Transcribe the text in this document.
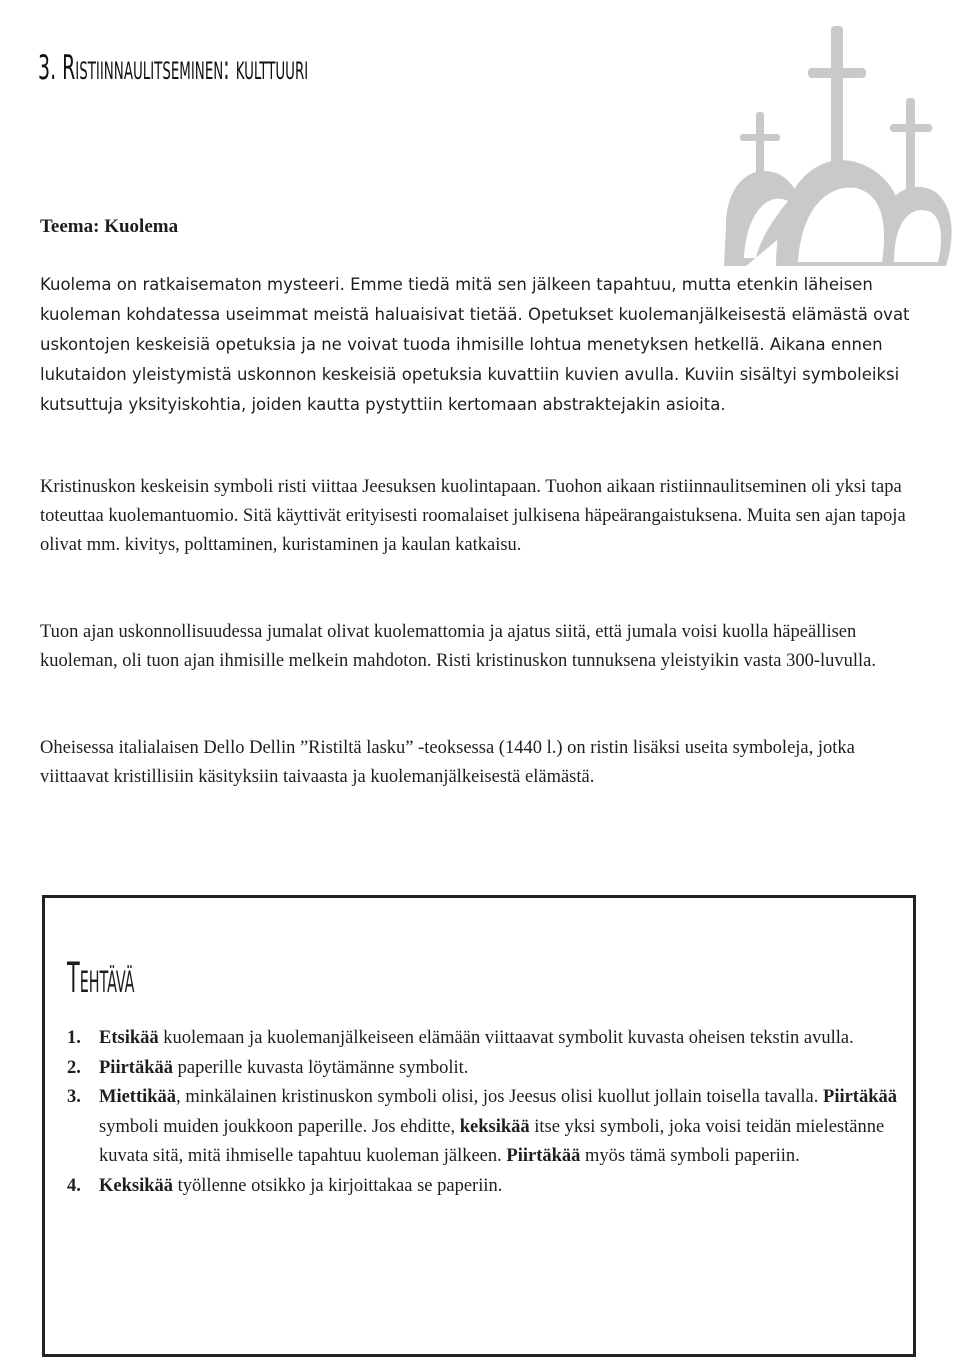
3. Ristiinnaulitseminen: kulttuuri
Teema: Kuolema

Kuolema on ratkaisematon mysteeri. Emme tiedä mitä sen jälkeen tapahtuu, mutta etenkin läheisen kuoleman kohdatessa useimmat meistä haluaisivat tietää. Opetukset kuolemanjälkeisestä elämästä ovat uskontojen keskeisiä opetuksia ja ne voivat tuoda ihmisille lohtua menetyksen hetkellä. Aikana ennen lukutaidon yleistymistä uskonnon keskeisiä opetuksia kuvattiin kuvien avulla. Kuviin sisältyi symboleiksi kutsuttuja yksityiskohtia, joiden kautta pystyttiin kertomaan abstraktejakin asioita.

Kristinuskon keskeisin symboli risti viittaa Jeesuksen kuolintapaan. Tuohon aikaan ristiinnaulitseminen oli yksi tapa toteuttaa kuolemantuomio. Sitä käyttivät erityisesti roomalaiset julkisena häpeärangaistuksena. Muita sen ajan tapoja olivat mm. kivitys, polttaminen, kuristaminen ja kaulan katkaisu.

Tuon ajan uskonnollisuudessa jumalat olivat kuolemattomia ja ajatus siitä, että jumala voisi kuolla häpeällisen kuoleman, oli tuon ajan ihmisille melkein mahdoton. Risti kristinuskon tunnuksena yleistyikin vasta 300-luvulla.

Oheisessa italialaisen Dello Dellin ”Ristiltä lasku” -teoksessa (1440 l.) on ristin lisäksi useita symboleja, jotka viittaavat kristillisiin käsityksiin taivaasta ja kuolemanjälkeisestä elämästä.

Tehtävä
1. Etsikää kuolemaan ja kuolemanjälkeiseen elämään viittaavat symbolit kuvasta oheisen tekstin avulla.
2. Piirtäkää paperille kuvasta löytämänne symbolit.
3. Miettikää, minkälainen kristinuskon symboli olisi, jos Jeesus olisi kuollut jollain toisella tavalla. Piirtäkää symboli muiden joukkoon paperille. Jos ehditte, keksikää itse yksi symboli, joka voisi teidän mielestänne kuvata sitä, mitä ihmiselle tapahtuu kuoleman jälkeen. Piirtäkää myös tämä symboli paperiin.
4. Keksikää työllenne otsikko ja kirjoittakaa se paperiin.
